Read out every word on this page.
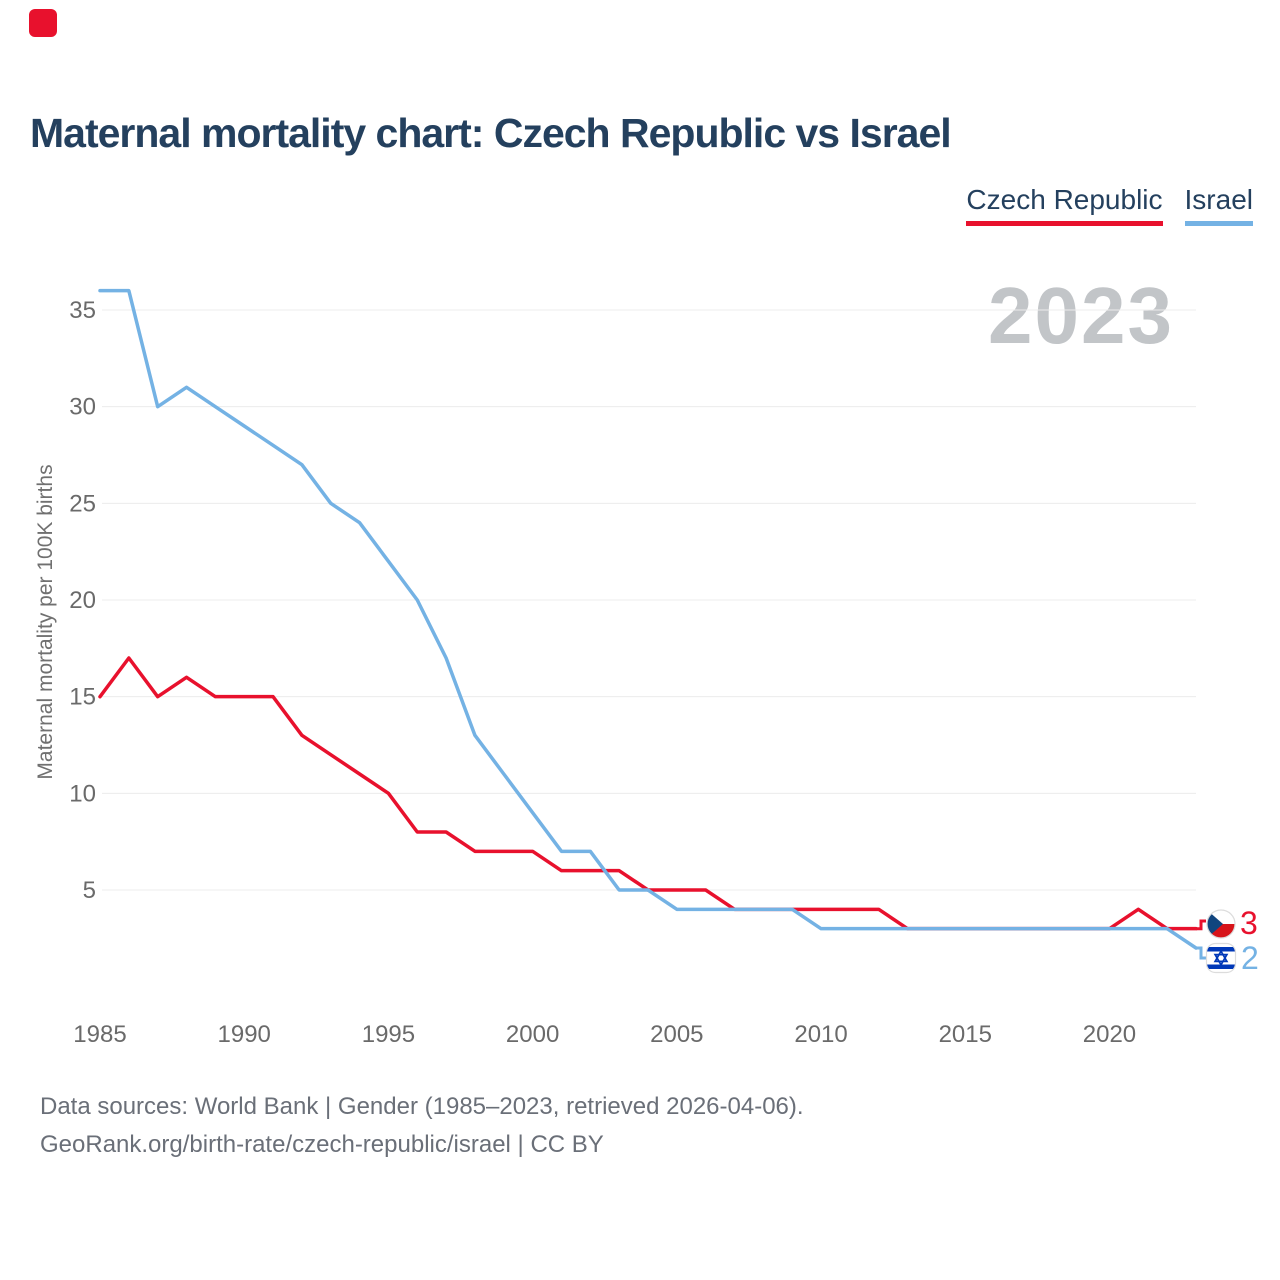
Maternal mortality chart: Czech Republic vs Israel
Czech Republic Israel
2023
Maternal mortality per 100K births
5
10
15
20
25
30
35
1985	1990	1995	2000	2005	2010	2015	2020
3
2
Data sources: World Bank | Gender (1985–2023, retrieved 2026-04-06).
GeoRank.org/birth-rate/czech-republic/israel | CC BY
